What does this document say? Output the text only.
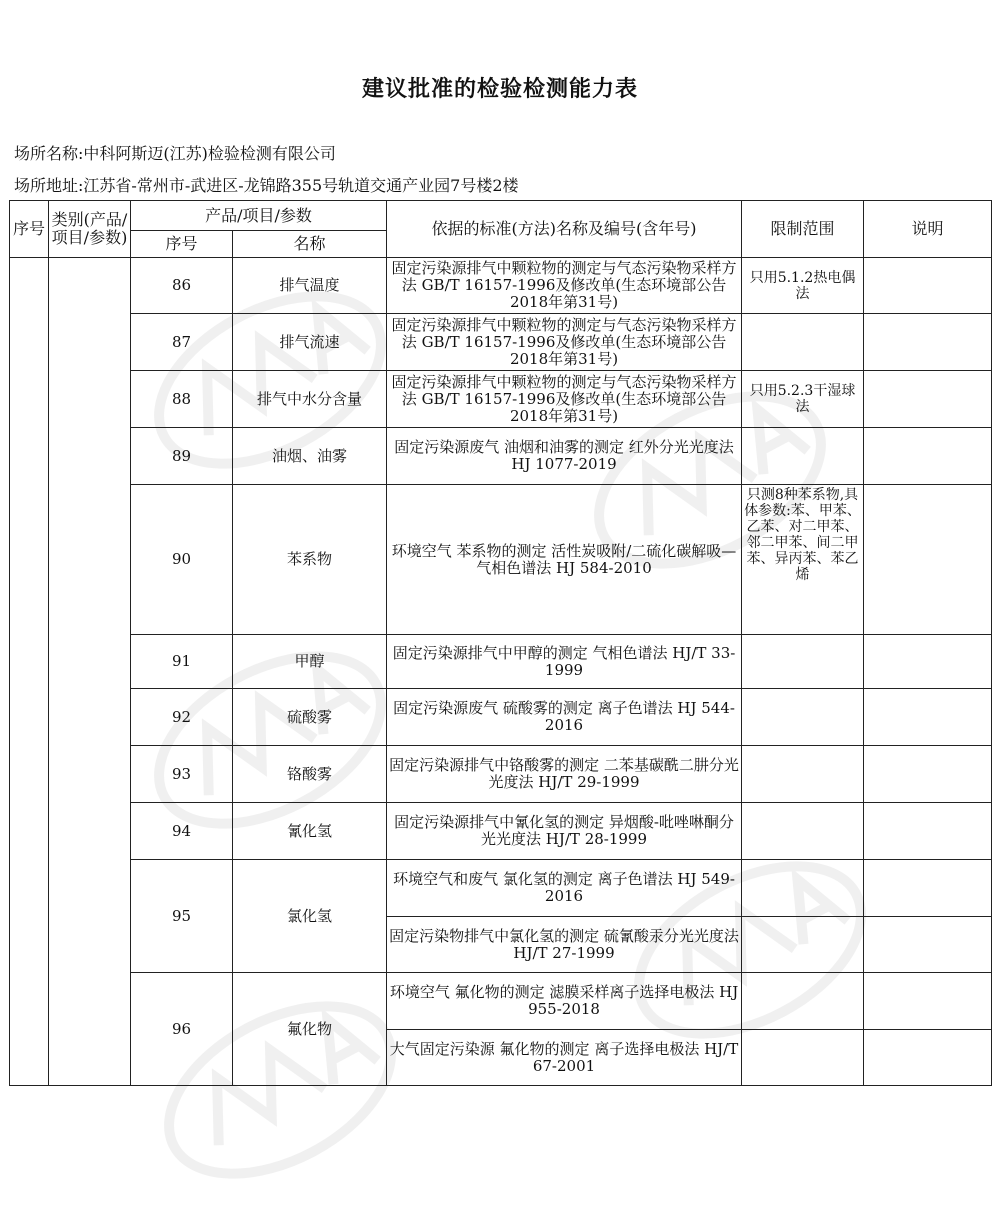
建议批准的检验检测能力表
场所名称:中科阿斯迈(江苏)检验检测有限公司
场所地址:江苏省-常州市-武进区-龙锦路355号轨道交通产业园7号楼2楼
序号	类别(产品/项目/参数)	产品/项目/参数		依据的标准(方法)名称及编号(含年号)	限制范围	说明
		序号	名称			
		86	排气温度	固定污染源排气中颗粒物的测定与气态污染物采样方法 GB/T 16157-1996及修改单(生态环境部公告2018年第31号)	只用5.1.2热电偶法	
		87	排气流速	固定污染源排气中颗粒物的测定与气态污染物采样方法 GB/T 16157-1996及修改单(生态环境部公告2018年第31号)		
		88	排气中水分含量	固定污染源排气中颗粒物的测定与气态污染物采样方法 GB/T 16157-1996及修改单(生态环境部公告2018年第31号)	只用5.2.3干湿球法	
		89	油烟、油雾	固定污染源废气 油烟和油雾的测定 红外分光光度法 HJ 1077-2019		
		90	苯系物	环境空气 苯系物的测定 活性炭吸附/二硫化碳解吸—气相色谱法 HJ 584-2010	只测8种苯系物,具体参数:苯、甲苯、乙苯、对二甲苯、邻二甲苯、间二甲苯、异丙苯、苯乙烯	
		91	甲醇	固定污染源排气中甲醇的测定 气相色谱法 HJ/T 33-1999		
		92	硫酸雾	固定污染源废气 硫酸雾的测定 离子色谱法 HJ 544-2016		
		93	铬酸雾	固定污染源排气中铬酸雾的测定 二苯基碳酰二肼分光光度法 HJ/T 29-1999		
		94	氰化氢	固定污染源排气中氰化氢的测定 异烟酸-吡唑啉酮分光光度法 HJ/T 28-1999		
		95	氯化氢	环境空气和废气 氯化氢的测定 离子色谱法 HJ 549-2016		
				固定污染物排气中氯化氢的测定 硫氰酸汞分光光度法 HJ/T 27-1999		
		96	氟化物	环境空气 氟化物的测定 滤膜采样离子选择电极法 HJ 955-2018		
				大气固定污染源 氟化物的测定 离子选择电极法 HJ/T 67-2001		
